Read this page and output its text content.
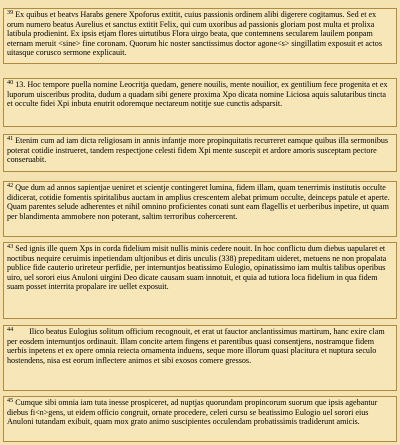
$^{39}$ Ex quibus et beatvs Harabs genere Xpoforus extitit, cuius passionis ordinem alibi digerere cogitamus. Sed et ex orum numero beatus Aurelius et sanctus extitit Felix, qui cum uxoribus ad passionis gloriam post multa et prolixa latibula prodienint. Ex ipsis etjam flores uirtutibus Flora uirgo beata, que contemnens secularem lauilem ponpam eternam meruit <sine> fine coronam. Quorum hic noster sanctissimus doctor agone<s> singillatim exposuit et actos uitasque corusco sermone explicauit.
$^{40}$ 13. Hoc tempore puella nomine Leocritja quedam, genere nouilis, mente nouilior, ex gentilium fece progenita et ex luporum uisceribus prodita, dudum a quadam sibi genere proxima Xpo dicata nomine Liciosa aquis salutaribus tincta et occulte fidei Xpi inbuta enutrit odoremque nectareum notitje sue cunctis adsparsit.
$^{41}$ Etenim cum ad iam dicta religiosam in annis infantje more propinquitatis recurreret eamque quibus illa sermonibus poterat cotidie instrueret, tandem respectjone celesti fidem Xpi mente suscepit et ardore amoris susceptam pectore conseruabit.
$^{42}$ Que dum ad annos sapientjae ueniret et scientje contingeret lumina, fidem illam, quam tenerrimis institutis occulte didicerat, cotidie fomentis spiritalibus auctam in amplius crescentem alebat primum occulte, deinceps patule et aperte. Quam parentes selude adherentes et nihil omnino proficientes conati sunt eam flagellis et uerberibus inpetire, ut quam per blandimenta ammobere non poterant, saltim terroribus cohercerent.
$^{43}$ Sed ignis ille quem Xps in corda fidelium misit nullis minis cedere nouit. In hoc conflictu dum diebus uapularet et noctibus nequire ceruimis inpetiendam ultjonibus et diris unculis (338) prepeditam uideret, metuens ne non propalata publice fide cauterio urireteur perfidie, per internuntjos beatissimo Eulogio, opinatissimo iam multis talibus operibus uiro, uel sorori eius Anuloni uirgini Deo dicate causam suam innotuit, et quia ad tutiora loca fidelium in qua fidem suam posset interrita propalare ire uellet exposuit.
$^{44}$ Ilico beatus Eulogius solitum officium recognouit, et erat ut fauctor anclantissimus martirum, hanc exire clam per eosdem internuntjos ordinauit. Illam concite artem fingens et parentibus quasi consentjens, nostramque fidem uerbis inpetens et ex opere omnia reiecta ornamenta induens, seque more illorum quasi placitura et nuptura seculo hostendens, nisa est eorum inflectere animos et sibi exosos comere gressos.
$^{45}$ Cumque sibi omnia iam tuta inesse prospiceret, ad nuptjas quorundam propincorum suorum que ipsis agebantur diebus fi<n>gens, ut eidem officio congruit, ornate procedere, celeri cursu se beatissimo Eulogio uel sorori eius Anuloni tutandam exibuit, quam mox grato animo suscipientes occulendam probatissimis tradiderunt amicis.
